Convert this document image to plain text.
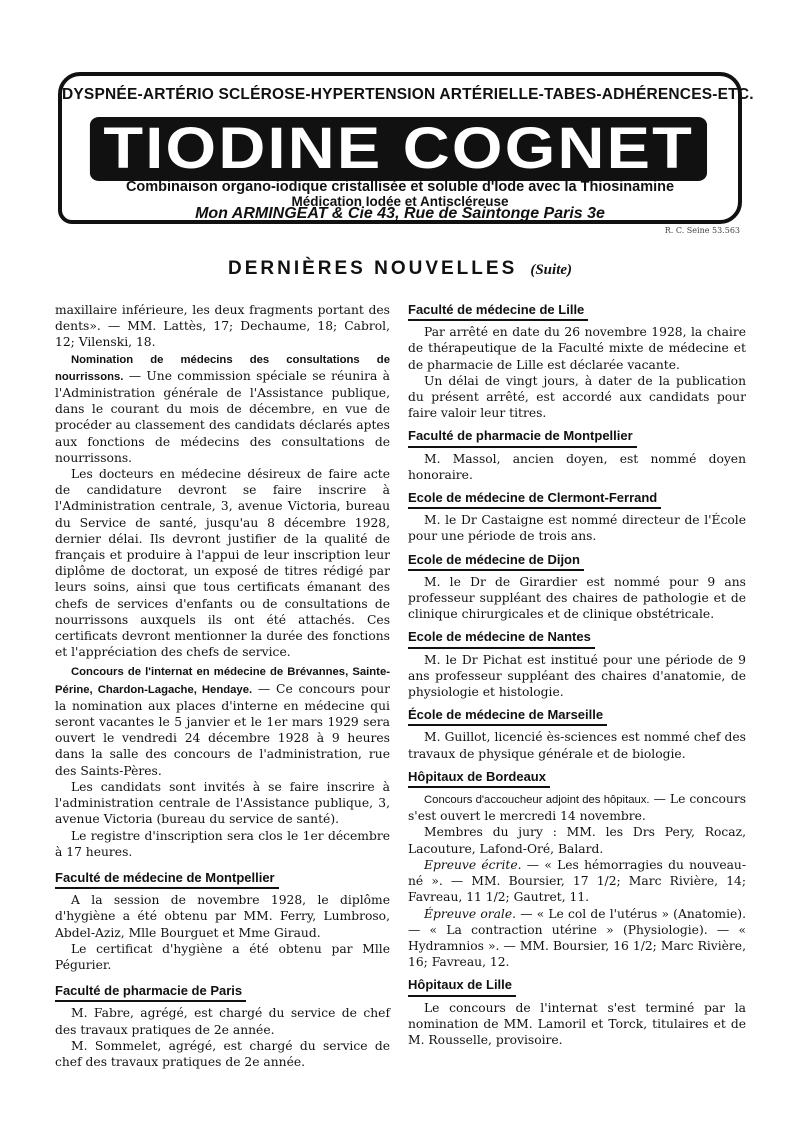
DYSPNÉE-ARTÉRIO SCLÉROSE-HYPERTENSION ARTÉRIELLE-TABES-ADHÉRENCES-ETC.
TIODINE COGNET
Combinaison organo-iodique cristallisée et soluble d'Iode avec la Thiosinamine
Médication Iodée et Antiscléreuse
Mon ARMINGEAT & Cie 43, Rue de Saintonge Paris 3e
R. C. Seine 53.563
DERNIÈRES NOUVELLES (Suite)

maxillaire inférieure, les deux fragments portant des dents». — MM. Lattès, 17; Dechaume, 18; Cabrol, 12; Vilenski, 18.

Nomination de médecins des consultations de nourrissons. — Une commission spéciale se réunira à l'Administration générale de l'Assistance publique, dans le courant du mois de décembre, en vue de procéder au classement des candidats déclarés aptes aux fonctions de médecins des consultations de nourrissons.

Les docteurs en médecine désireux de faire acte de candidature devront se faire inscrire à l'Administration centrale, 3, avenue Victoria, bureau du Service de santé, jusqu'au 8 décembre 1928, dernier délai. Ils devront justifier de la qualité de français et produire à l'appui de leur inscription leur diplôme de doctorat, un exposé de titres rédigé par leurs soins, ainsi que tous certificats émanant des chefs de services d'enfants ou de consultations de nourrissons auxquels ils ont été attachés. Ces certificats devront mentionner la durée des fonctions et l'appréciation des chefs de service.

Concours de l'internat en médecine de Brévannes, Sainte-Périne, Chardon-Lagache, Hendaye. — Ce concours pour la nomination aux places d'interne en médecine qui seront vacantes le 5 janvier et le 1er mars 1929 sera ouvert le vendredi 24 décembre 1928 à 9 heures dans la salle des concours de l'administration, rue des Saints-Pères.

Les candidats sont invités à se faire inscrire à l'administration centrale de l'Assistance publique, 3, avenue Victoria (bureau du service de santé).

Le registre d'inscription sera clos le 1er décembre à 17 heures.

Faculté de médecine de Montpellier

A la session de novembre 1928, le diplôme d'hygiène a été obtenu par MM. Ferry, Lumbroso, Abdel-Aziz, Mlle Bourguet et Mme Giraud.

Le certificat d'hygiène a été obtenu par Mlle Pégurier.

Faculté de pharmacie de Paris

M. Fabre, agrégé, est chargé du service de chef des travaux pratiques de 2e année.

M. Sommelet, agrégé, est chargé du service de chef des travaux pratiques de 2e année.

Faculté de médecine de Lille

Par arrêté en date du 26 novembre 1928, la chaire de thérapeutique de la Faculté mixte de médecine et de pharmacie de Lille est déclarée vacante.

Un délai de vingt jours, à dater de la publication du présent arrêté, est accordé aux candidats pour faire valoir leur titres.

Faculté de pharmacie de Montpellier

M. Massol, ancien doyen, est nommé doyen honoraire.

Ecole de médecine de Clermont-Ferrand

M. le Dr Castaigne est nommé directeur de l'École pour une période de trois ans.

Ecole de médecine de Dijon

M. le Dr de Girardier est nommé pour 9 ans professeur suppléant des chaires de pathologie et de clinique chirurgicales et de clinique obstétricale.

Ecole de médecine de Nantes

M. le Dr Pichat est institué pour une période de 9 ans professeur suppléant des chaires d'anatomie, de physiologie et histologie.

École de médecine de Marseille

M. Guillot, licencié ès-sciences est nommé chef des travaux de physique générale et de biologie.

Hôpitaux de Bordeaux

Concours d'accoucheur adjoint des hôpitaux. — Le concours s'est ouvert le mercredi 14 novembre.

Membres du jury : MM. les Drs Pery, Rocaz, Lacouture, Lafond-Oré, Balard.

Epreuve écrite. — « Les hémorragies du nouveau-né ». — MM. Boursier, 17 1/2; Marc Rivière, 14; Favreau, 11 1/2; Gautret, 11.

Épreuve orale. — « Le col de l'utérus » (Anatomie). — « La contraction utérine » (Physiologie). — « Hydramnios ». — MM. Boursier, 16 1/2; Marc Rivière, 16; Favreau, 12.

Hôpitaux de Lille

Le concours de l'internat s'est terminé par la nomination de MM. Lamoril et Torck, titulaires et de M. Rousselle, provisoire.
